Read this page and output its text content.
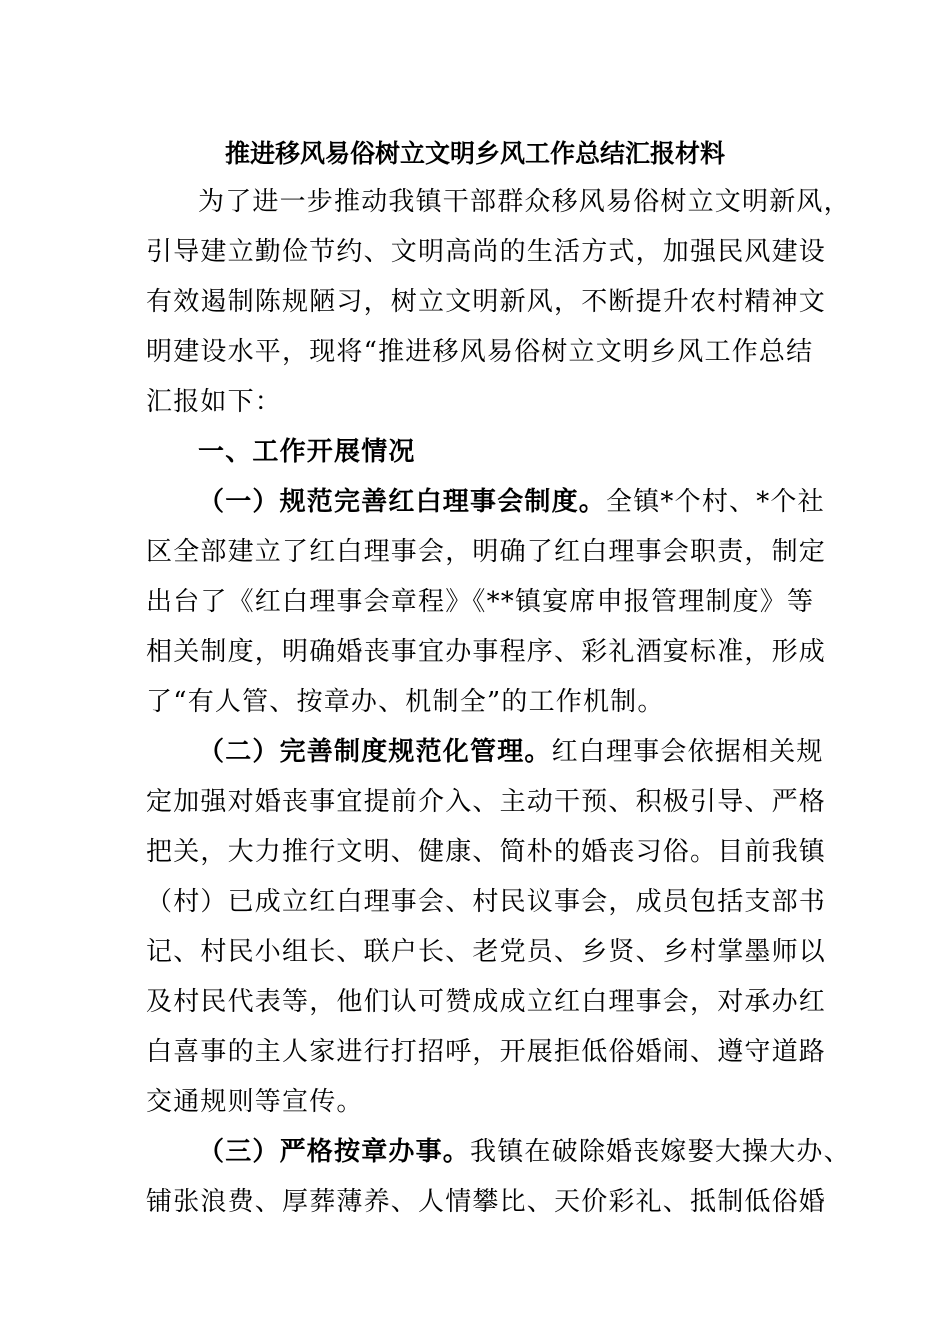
推进移风易俗树立文明乡风工作总结汇报材料
为了进一步推动我镇干部群众移风易俗树立文明新风，
引导建立勤俭节约、文明高尚的生活方式，加强民风建设
有效遏制陈规陋习，树立文明新风，不断提升农村精神文
明建设水平，现将“推进移风易俗树立文明乡风工作总结
汇报如下：
一、工作开展情况
（一）规范完善红白理事会制度。全镇*个村、*个社
区全部建立了红白理事会，明确了红白理事会职责，制定
出台了《红白理事会章程》《**镇宴席申报管理制度》等
相关制度，明确婚丧事宜办事程序、彩礼酒宴标准，形成
了“有人管、按章办、机制全”的工作机制。
（二）完善制度规范化管理。红白理事会依据相关规
定加强对婚丧事宜提前介入、主动干预、积极引导、严格
把关，大力推行文明、健康、简朴的婚丧习俗。目前我镇
（村）已成立红白理事会、村民议事会，成员包括支部书
记、村民小组长、联户长、老党员、乡贤、乡村掌墨师以
及村民代表等，他们认可赞成成立红白理事会，对承办红
白喜事的主人家进行打招呼，开展拒低俗婚闹、遵守道路
交通规则等宣传。
（三）严格按章办事。我镇在破除婚丧嫁娶大操大办、
铺张浪费、厚葬薄养、人情攀比、天价彩礼、抵制低俗婚
